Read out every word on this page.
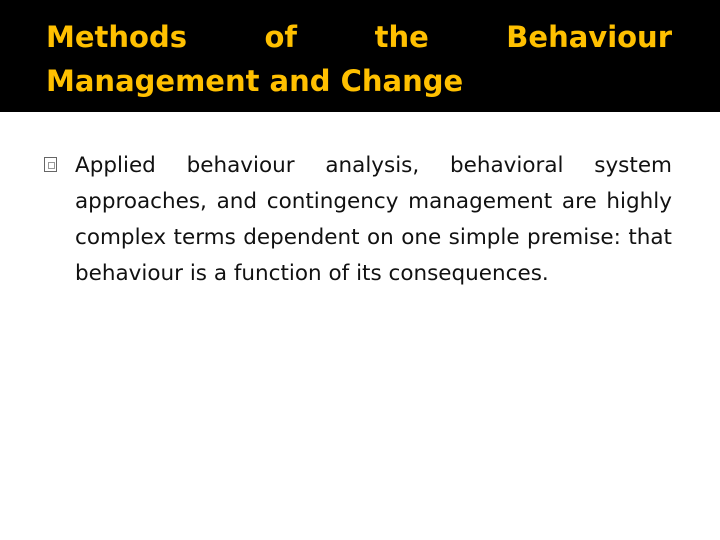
Methods of the Behaviour
Management and Change

Applied behaviour analysis, behavioral system approaches, and contingency management are highly complex terms dependent on one simple premise: that behaviour is a function of its consequences.
